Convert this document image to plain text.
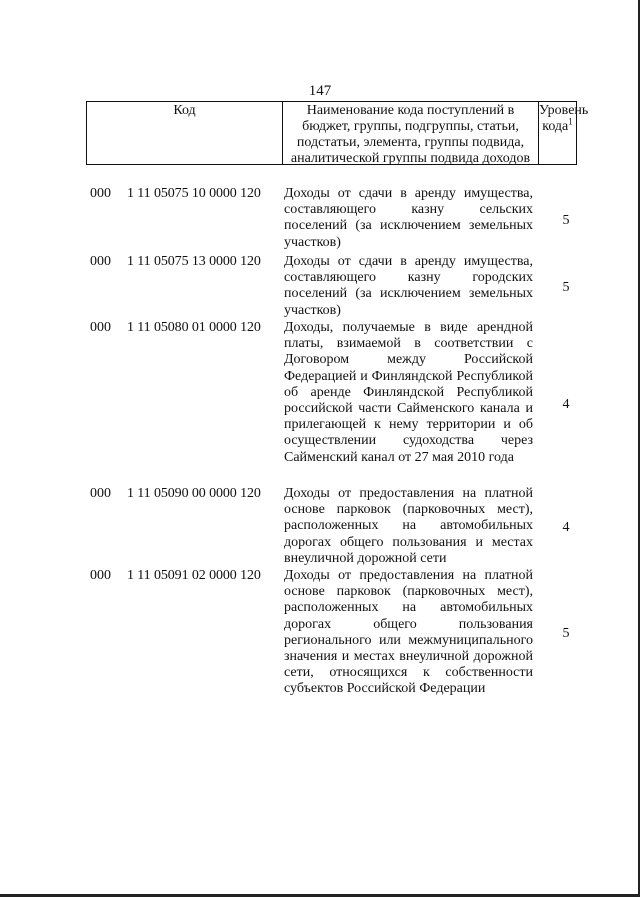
147
Код	Наименование кода поступлений в бюджет, группы, подгруппы, статьи, подстатьи, элемента, группы подвида, аналитической группы подвида доходов
Уровень
кода$^1$
000 1 11 05075 10 0000 120 Доходы от сдачи в аренду имущества, составляющего казну сельских поселений (за исключением земельных участков)
5
000 1 11 05075 13 0000 120 Доходы от сдачи в аренду имущества, составляющего казну городских поселений (за исключением земельных участков)
5
000 1 11 05080 01 0000 120 Доходы, получаемые в виде арендной платы, взимаемой в соответствии с Договором между Российской Федерацией и Финляндской Республикой об аренде Финляндской Республикой российской части Сайменского канала и прилегающей к нему территории и об осуществлении судоходства через Сайменский канал от 27 мая 2010 года
4
000 1 11 05090 00 0000 120 Доходы от предоставления на платной основе парковок (парковочных мест), расположенных на автомобильных дорогах общего пользования и местах внеуличной дорожной сети
4
000 1 11 05091 02 0000 120 Доходы от предоставления на платной основе парковок (парковочных мест), расположенных на автомобильных дорогах общего пользования регионального или межмуниципального значения и местах внеуличной дорожной сети, относящихся к собственности субъектов Российской Федерации
5
